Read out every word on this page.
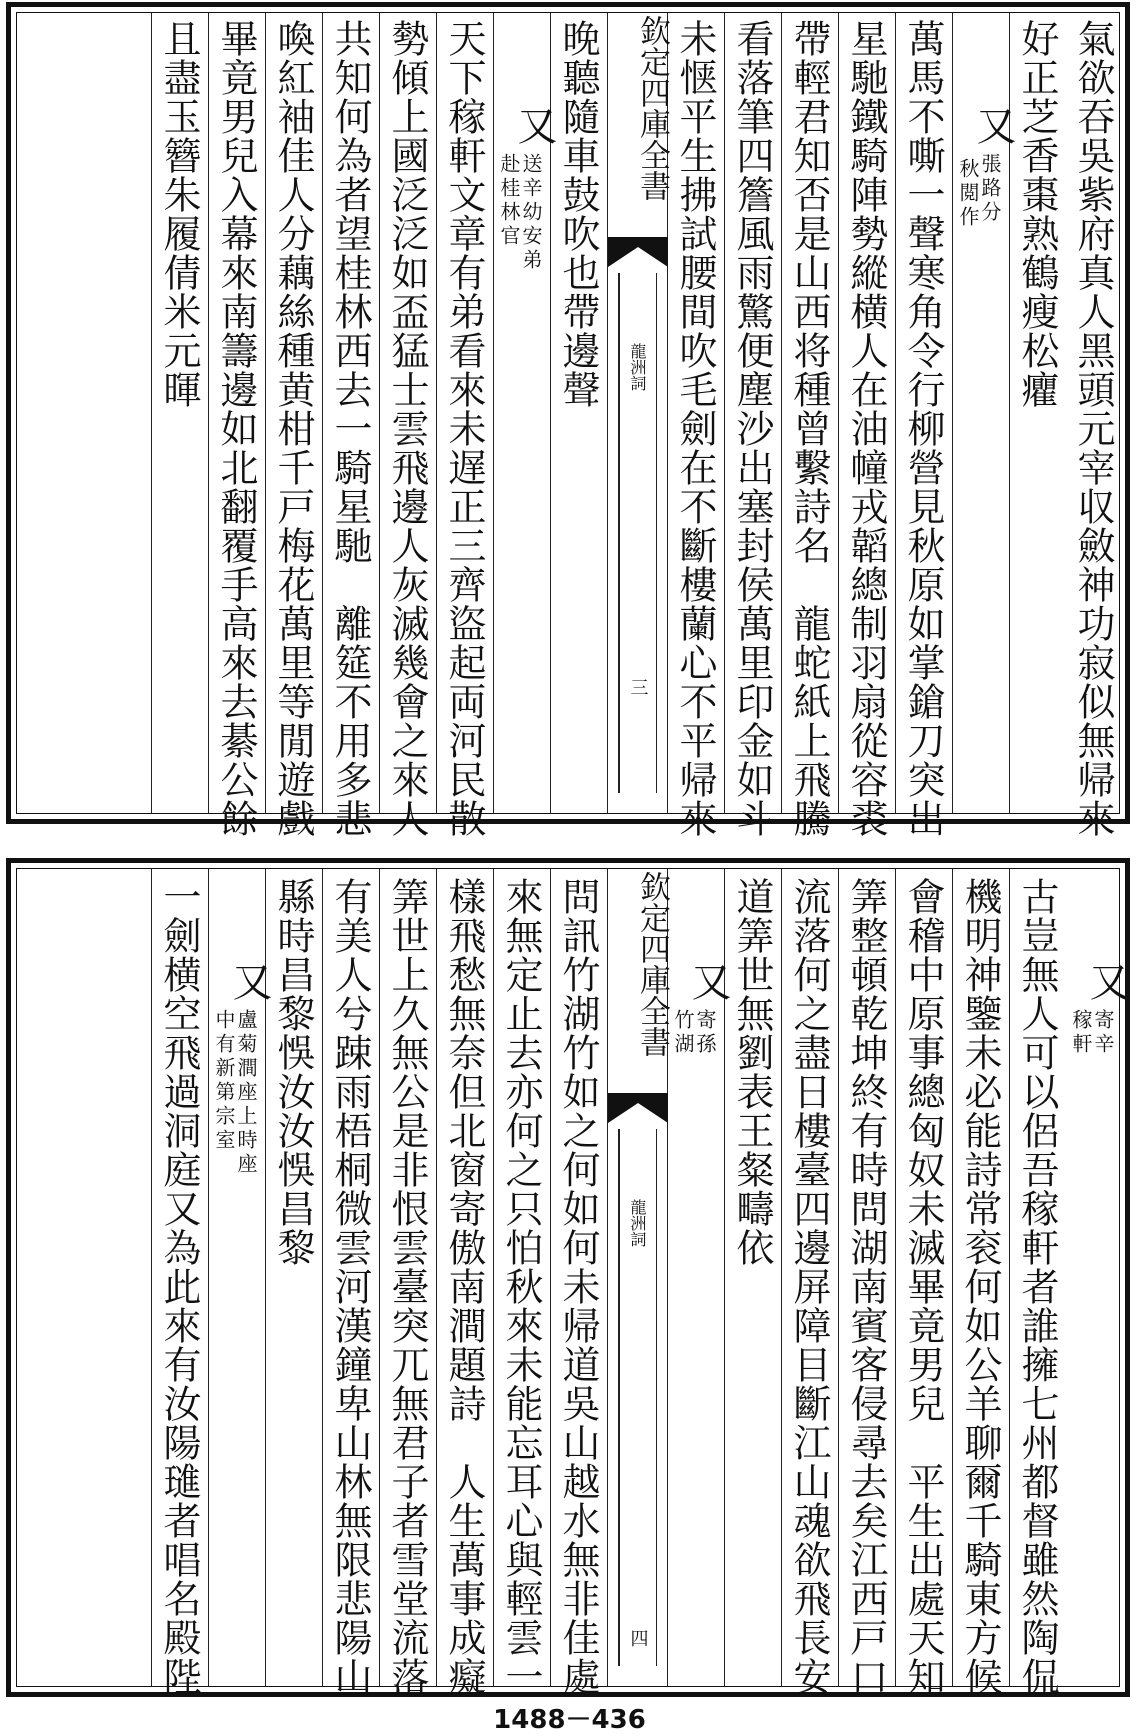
氣欲吞吳紫府真人黑頭元宰収斂神功寂似無帰來
好正芝香棗熟鶴瘦松癯
又
張路分
秋閲作
萬馬不嘶一聲寒角令行柳營見秋原如掌鎗刀突出
星馳鐵騎陣勢縱横人在油幢戎韜總制羽扇從容裘
帶輕君知否是山西将種曾繫詩名　龍蛇紙上飛騰
看落筆四簷風雨驚便塵沙出塞封侯萬里印金如斗
未惬平生拂試腰間吹毛劍在不斷樓蘭心不平帰來
欽定四庫全書
龍洲詞
三
晚聽隨車鼓吹也帶邊聲
又
送辛幼安弟
赴桂林官
天下稼軒文章有弟看來未遅正三齊盜起両河民散
勢傾上國泛泛如盃猛士雲飛邊人灰滅幾會之來人
共知何為者望桂林西去一騎星馳　離筵不用多悲
喚紅袖佳人分藕絲種黄柑千戸梅花萬里等閒遊戲
畢竟男兒入幕來南籌邊如北翻覆手高來去綦公餘
且盡玉簪朱履倩米元暉
又
寄辛
稼軒
古豈無人可以侶吾稼軒者誰擁七州都督雖然陶侃
機明神鑒未必能詩常衮何如公羊聊爾千騎東方候
會稽中原事總匈奴未滅畢竟男兒　平生出處天知
筭整頓乾坤終有時問湖南賓客侵尋去矣江西戸口
流落何之盡日樓臺四邊屏障目斷江山魂欲飛長安
道筭世無劉表王粲疇依
又
寄孫
竹湖
欽定四庫全書
龍洲詞
四
問訊竹湖竹如之何如何未帰道吳山越水無非佳處
來無定止去亦何之只怕秋來未能忘耳心與輕雲一
樣飛愁無奈但北窗寄傲南澗題詩　人生萬事成癡
筭世上久無公是非恨雲臺突兀無君子者雪堂流落
有美人兮踈雨梧桐微雲河漢鐘卑山林無限悲陽山
縣時昌黎悞汝汝悞昌黎
又
盧菊澗座上時座
中有新第宗室
一劍横空飛過洞庭又為此來有汝陽璡者唱名殿陛
1488－436
